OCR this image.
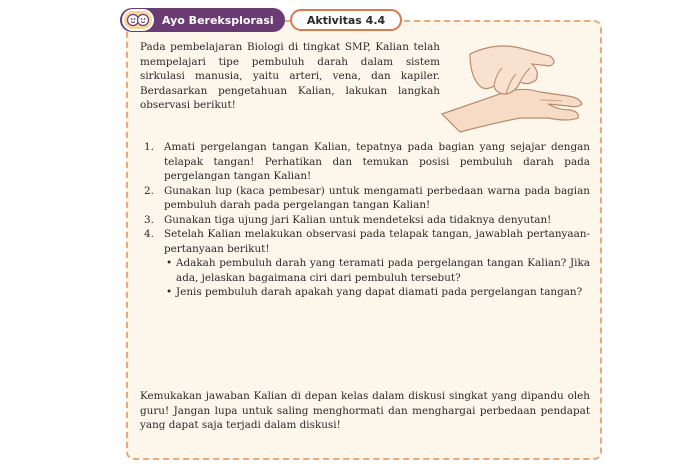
Ayo Bereksplorasi	Aktivitas 4.4

Pada pembelajaran Biologi di tingkat SMP, Kalian telah mempelajari tipe pembuluh darah dalam sistem sirkulasi manusia, yaitu arteri, vena, dan kapiler. Berdasarkan pengetahuan Kalian, lakukan langkah observasi berikut!

1. Amati pergelangan tangan Kalian, tepatnya pada bagian yang sejajar dengan telapak tangan! Perhatikan dan temukan posisi pembuluh darah pada pergelangan tangan Kalian!
2. Gunakan lup (kaca pembesar) untuk mengamati perbedaan warna pada bagian pembuluh darah pada pergelangan tangan Kalian!
3. Gunakan tiga ujung jari Kalian untuk mendeteksi ada tidaknya denyutan!
4. Setelah Kalian melakukan observasi pada telapak tangan, jawablah pertanyaan-pertanyaan berikut!
• Adakah pembuluh darah yang teramati pada pergelangan tangan Kalian? Jika ada, jelaskan bagaimana ciri dari pembuluh tersebut?
• Jenis pembuluh darah apakah yang dapat diamati pada pergelangan tangan?

Kemukakan jawaban Kalian di depan kelas dalam diskusi singkat yang dipandu oleh guru! Jangan lupa untuk saling menghormati dan menghargai perbedaan pendapat yang dapat saja terjadi dalam diskusi!
